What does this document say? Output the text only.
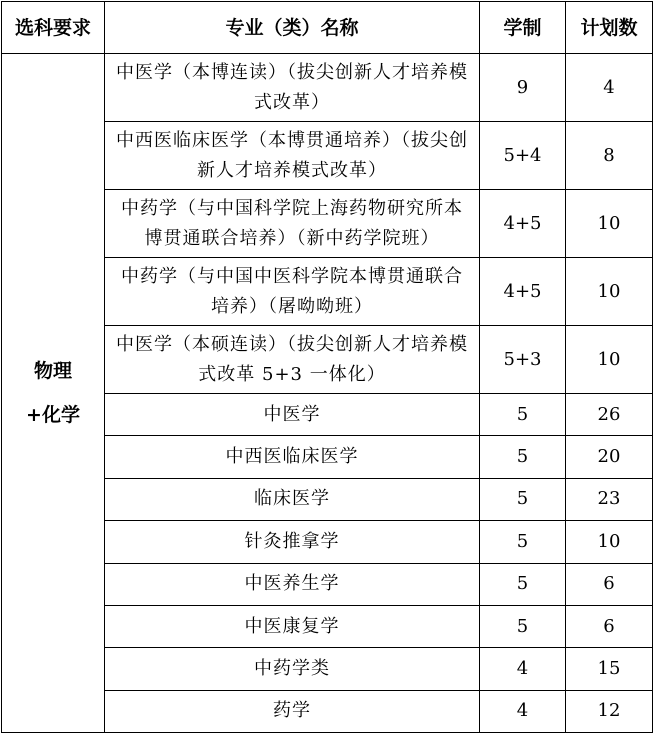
选科要求	专业（类）名称	学制	计划数
物理+化学	中医学（本博连读）（拔尖创新人才培养模式改革）	9	4
	中西医临床医学（本博贯通培养）（拔尖创新人才培养模式改革）	5+4	8
	中药学（与中国科学院上海药物研究所本博贯通联合培养）（新中药学院班）	4+5	10
	中药学（与中国中医科学院本博贯通联合培养）（屠呦呦班）	4+5	10
	中医学（本硕连读）（拔尖创新人才培养模式改革 5+3 一体化）	5+3	10
	中医学	5	26
	中西医临床医学	5	20
	临床医学	5	23
	针灸推拿学	5	10
	中医养生学	5	6
	中医康复学	5	6
	中药学类	4	15
	药学	4	12
